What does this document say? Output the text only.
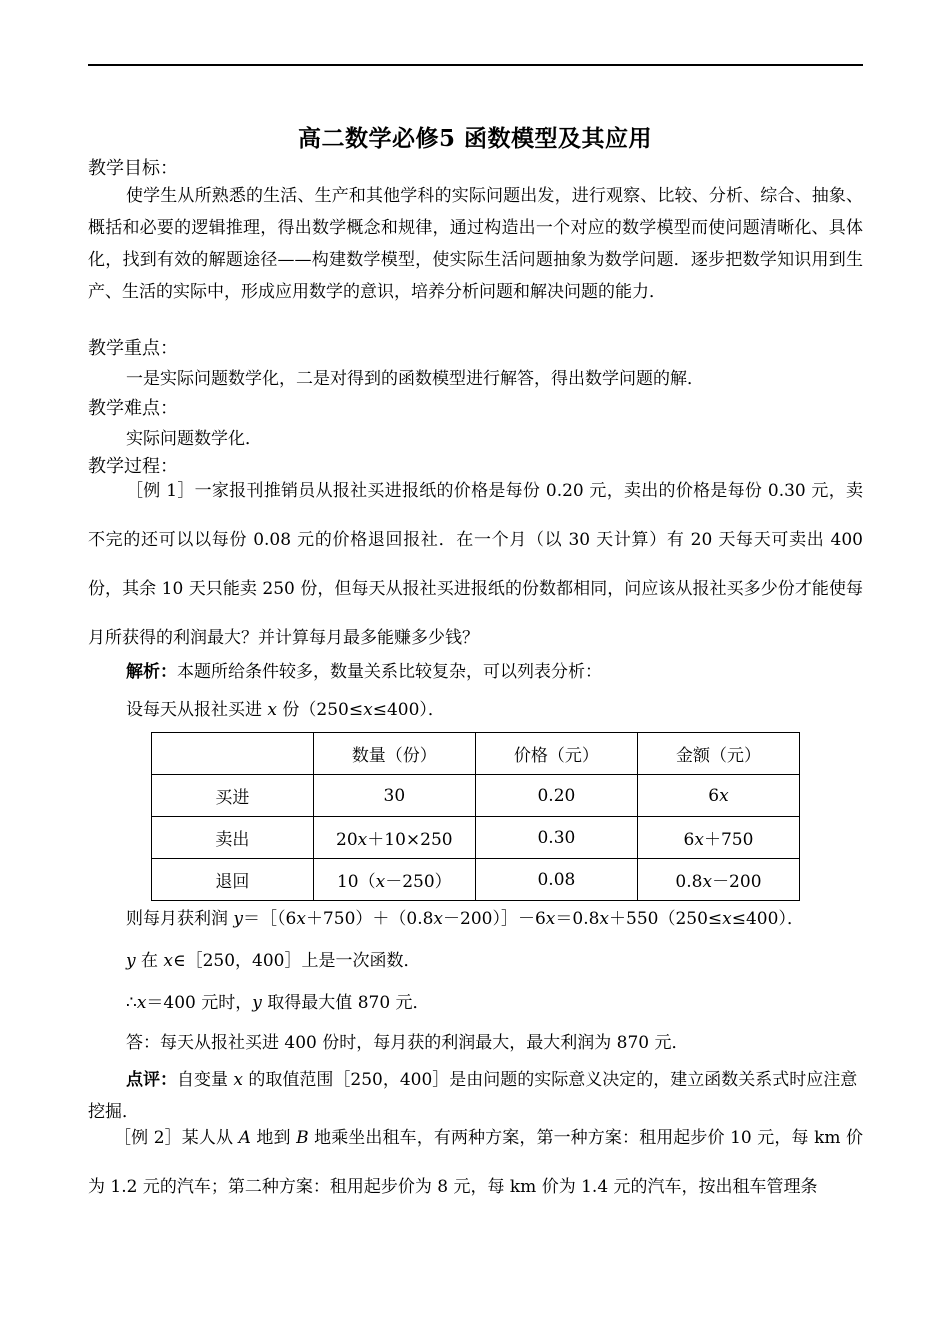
高二数学必修5 函数模型及其应用
教学目标：
使学生从所熟悉的生活、生产和其他学科的实际问题出发，进行观察、比较、分析、综合、抽象、概括和必要的逻辑推理，得出数学概念和规律，通过构造出一个对应的数学模型而使问题清晰化、具体化，找到有效的解题途径——构建数学模型，使实际生活问题抽象为数学问题．逐步把数学知识用到生产、生活的实际中，形成应用数学的意识，培养分析问题和解决问题的能力．
教学重点：
一是实际问题数学化，二是对得到的函数模型进行解答，得出数学问题的解．
教学难点：
实际问题数学化．
教学过程：
［例 1］一家报刊推销员从报社买进报纸的价格是每份 0.20 元，卖出的价格是每份 0.30 元，卖不完的还可以以每份 0.08 元的价格退回报社．在一个月（以 30 天计算）有 20 天每天可卖出 400 份，其余 10 天只能卖 250 份，但每天从报社买进报纸的份数都相同，问应该从报社买多少份才能使每月所获得的利润最大？并计算每月最多能赚多少钱？
解析：本题所给条件较多，数量关系比较复杂，可以列表分析：
设每天从报社买进 x 份（250≤x≤400）．
	数量（份）	价格（元）	金额（元）
买进	30	0.20	6x
卖出	20x＋10×250	0.30	6x＋750
退回	10（x－250）	0.08	0.8x－200
则每月获利润 y＝［（6x＋750）＋（0.8x－200）］－6x＝0.8x＋550（250≤x≤400）．
y 在 x∈［250，400］上是一次函数．
∴x＝400 元时，y 取得最大值 870 元．
答：每天从报社买进 400 份时，每月获的利润最大，最大利润为 870 元．
点评：自变量 x 的取值范围［250，400］是由问题的实际意义决定的，建立函数关系式时应注意挖掘．
［例 2］某人从 A 地到 B 地乘坐出租车，有两种方案，第一种方案：租用起步价 10 元，每 km 价为 1.2 元的汽车；第二种方案：租用起步价为 8 元，每 km 价为 1.4 元的汽车，按出租车管理条
